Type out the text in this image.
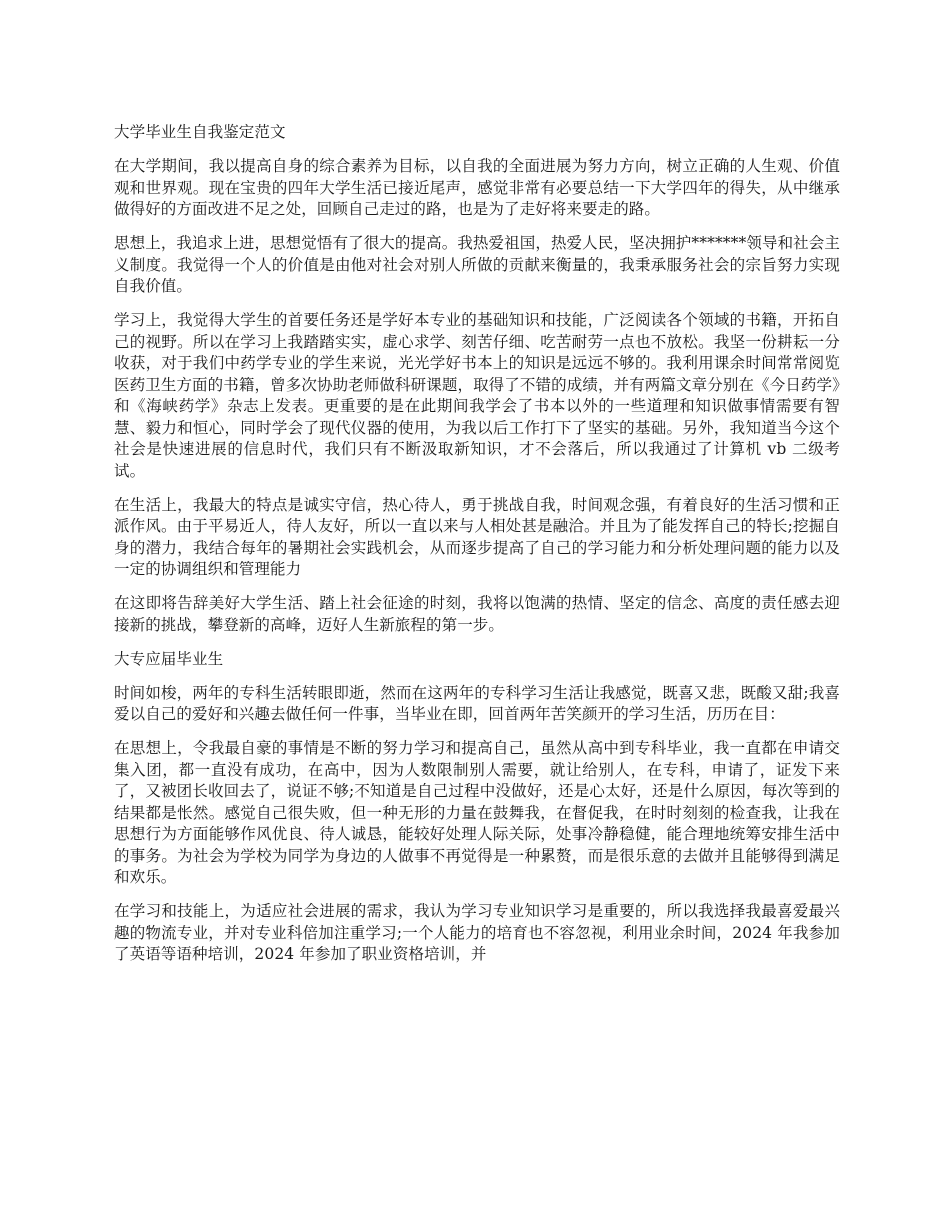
大学毕业生自我鉴定范文

在大学期间，我以提高自身的综合素养为目标，以自我的全面进展为努力方向，树立正确的人生观、价值观和世界观。现在宝贵的四年大学生活已接近尾声，感觉非常有必要总结一下大学四年的得失，从中继承做得好的方面改进不足之处，回顾自己走过的路，也是为了走好将来要走的路。

思想上，我追求上进，思想觉悟有了很大的提高。我热爱祖国，热爱人民，坚决拥护*******领导和社会主义制度。我觉得一个人的价值是由他对社会对别人所做的贡献来衡量的，我秉承服务社会的宗旨努力实现自我价值。

学习上，我觉得大学生的首要任务还是学好本专业的基础知识和技能，广泛阅读各个领域的书籍，开拓自己的视野。所以在学习上我踏踏实实，虚心求学、刻苦仔细、吃苦耐劳一点也不放松。我坚一份耕耘一分收获，对于我们中药学专业的学生来说，光光学好书本上的知识是远远不够的。我利用课余时间常常阅览医药卫生方面的书籍，曾多次协助老师做科研课题，取得了不错的成绩，并有两篇文章分别在《今日药学》和《海峡药学》杂志上发表。更重要的是在此期间我学会了书本以外的一些道理和知识做事情需要有智慧、毅力和恒心，同时学会了现代仪器的使用，为我以后工作打下了坚实的基础。另外，我知道当今这个社会是快速进展的信息时代，我们只有不断汲取新知识，才不会落后，所以我通过了计算机 vb 二级考试。

在生活上，我最大的特点是诚实守信，热心待人，勇于挑战自我，时间观念强，有着良好的生活习惯和正派作风。由于平易近人，待人友好，所以一直以来与人相处甚是融洽。并且为了能发挥自己的特长;挖掘自身的潜力，我结合每年的暑期社会实践机会，从而逐步提高了自己的学习能力和分析处理问题的能力以及一定的协调组织和管理能力

在这即将告辞美好大学生活、踏上社会征途的时刻，我将以饱满的热情、坚定的信念、高度的责任感去迎接新的挑战，攀登新的高峰，迈好人生新旅程的第一步。

大专应届毕业生

时间如梭，两年的专科生活转眼即逝，然而在这两年的专科学习生活让我感觉，既喜又悲，既酸又甜;我喜爱以自己的爱好和兴趣去做任何一件事，当毕业在即，回首两年苦笑颜开的学习生活，历历在目：

在思想上，令我最自豪的事情是不断的努力学习和提高自己，虽然从高中到专科毕业，我一直都在申请交集入团，都一直没有成功，在高中，因为人数限制别人需要，就让给别人，在专科，申请了，证发下来了，又被团长收回去了，说证不够;不知道是自己过程中没做好，还是心太好，还是什么原因，每次等到的结果都是怅然。感觉自己很失败，但一种无形的力量在鼓舞我，在督促我，在时时刻刻的检查我，让我在思想行为方面能够作风优良、待人诚恳，能较好处理人际关际，处事冷静稳健，能合理地统筹安排生活中的事务。为社会为学校为同学为身边的人做事不再觉得是一种累赘，而是很乐意的去做并且能够得到满足和欢乐。

在学习和技能上，为适应社会进展的需求，我认为学习专业知识学习是重要的，所以我选择我最喜爱最兴趣的物流专业，并对专业科倍加注重学习;一个人能力的培育也不容忽视，利用业余时间，2024 年我参加了英语等语种培训，2024 年参加了职业资格培训，并
